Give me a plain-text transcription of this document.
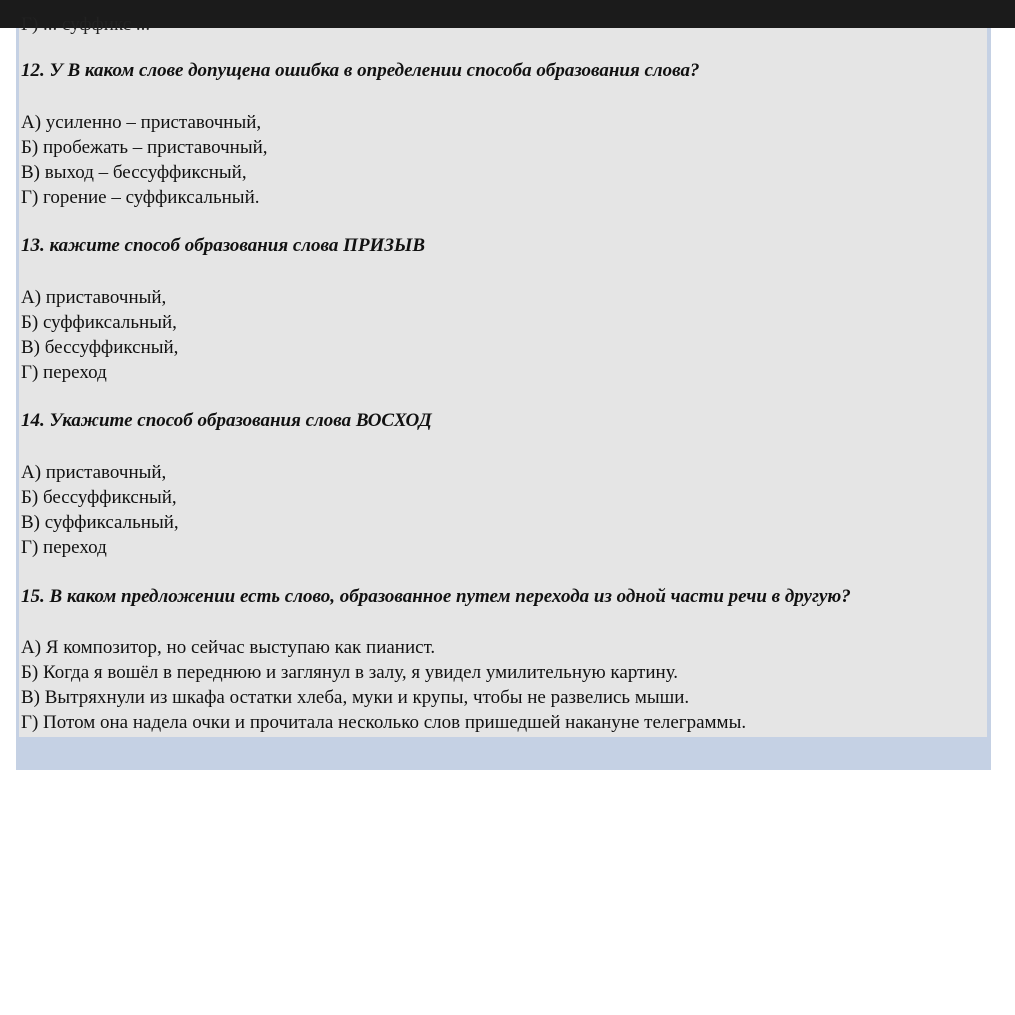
Г) ... суффикс ...
12. У В каком слове допущена ошибка в определении способа образования слова?
А) усиленно – приставочный,
Б) пробежать – приставочный,
В) выход – бессуффиксный,
Г) горение – суффиксальный.
13. кажите способ образования слова ПРИЗЫВ
А) приставочный,
Б) суффиксальный,
В) бессуффиксный,
Г) переход
14. Укажите способ образования слова ВОСХОД
А) приставочный,
Б) бессуффиксный,
В) суффиксальный,
Г) переход
15. В каком предложении есть слово, образованное путем перехода из одной части речи в другую?
А) Я композитор, но сейчас выступаю как пианист.
Б) Когда я вошёл в переднюю и заглянул в залу, я увидел умилительную картину.
В) Вытряхнули из шкафа остатки хлеба, муки и крупы, чтобы не развелись мыши.
Г) Потом она надела очки и прочитала несколько слов пришедшей накануне телеграммы.
